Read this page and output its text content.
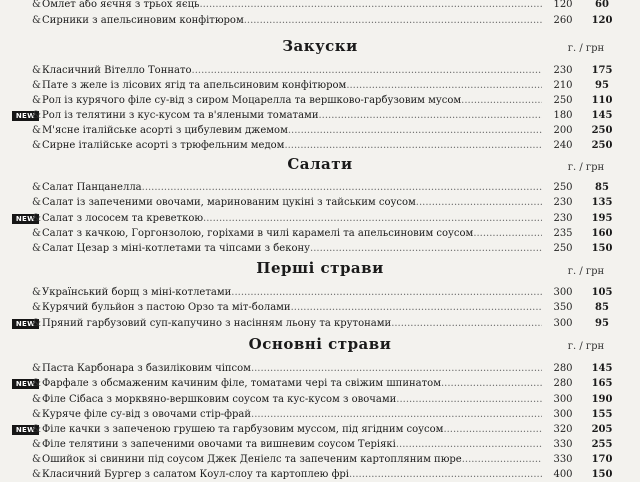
& Омлет або яєчня з трьох яєць .....	120	60
& Сирники з апельсиновим конфітюром .....	260	120
Закуски	г. / грн
& Класичний Вітелло Тоннато .....	230	175
& Пате з желе із лісових ягід та апельсиновим конфітюром .....	210	95
& Рол із курячого філе су-від з сиром Моцарелла та вершково-гарбузовим мусом .....	250	110
NEW
& Рол із телятини з кус-кусом та в'ялеными томатами .....	180	145
& М'ясне італійське асорті з цибулевим джемом .....	200	250
& Сирне італійське асорті з трюфельним медом .....	240	250
Салати	г. / грн
& Салат Панцанелла .....	250	85
& Салат із запеченими овочами, маринованим цукіні з тайським соусом .....	230	135
NEW
& Салат з лососем та креветкою .....	230	195
& Салат з качкою, Горгонзолою, горіхами в чилі карамелі та апельсиновим соусом .....	235	160
& Салат Цезар з міні-котлетами та чіпсами з бекону .....	250	150
Перші страви	г. / грн
& Український борщ з міні-котлетами .....	300	105
& Курячий бульйон з пастою Орзо та міт-болами .....	350	85
NEW
& Пряний гарбузовий суп-капучино з насінням льону та крутонами .....	300	95
Основні страви	г. / грн
& Паста Карбонара з базиліковим чіпсом .....	280	145
NEW
& Фарфале з обсмаженим качиним філе, томатами чері та свіжим шпинатом .....	280	165
& Філе Сібаса з морквяно-вершковим соусом та кус-кусом з овочами .....	300	190
& Куряче філе су-від з овочами стір-фрай .....	300	155
NEW
& Філе качки з запеченою грушею та гарбузовим муссом, під ягідним соусом .....	320	205
& Філе телятини з запеченими овочами та вишневим соусом Теріякі .....	330	255
& Ошийок зі свинини під соусом Джек Деніелс та запеченим картопляним пюре .....	330	170
& Класичний Бургер з салатом Коул-слоу та картоплею фрі .....	400	150
